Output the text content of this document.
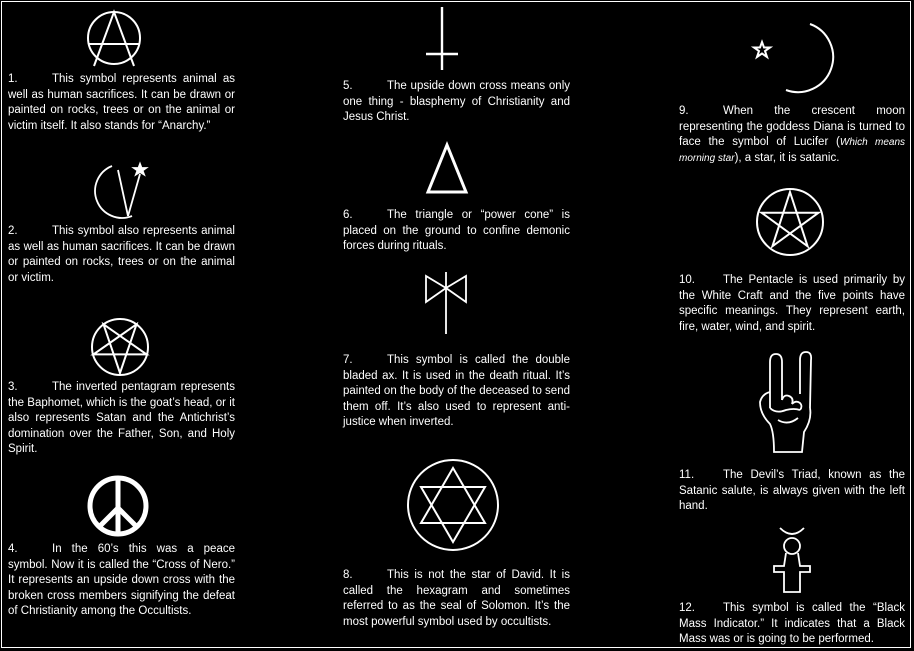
1.	This symbol represents animal as well as human sacrifices. It can be drawn or painted on rocks, trees or on the animal or victim itself. It also stands for “Anarchy.”
2.	This symbol also represents animal as well as human sacrifices. It can be drawn or painted on rocks, trees or on the animal or victim.
3.	The inverted pentagram represents the Baphomet, which is the goat’s head, or it also represents Satan and the Antichrist’s domination over the Father, Son, and Holy Spirit.
4.	In the 60’s this was a peace symbol. Now it is called the “Cross of Nero.” It represents an upside down cross with the broken cross members signifying the defeat of Christianity among the Occultists.
5.	The upside down cross means only one thing - blasphemy of Christianity and Jesus Christ.
6.	The triangle or “power cone” is placed on the ground to confine demonic forces during rituals.
7.	This symbol is called the double bladed ax. It is used in the death ritual. It’s painted on the body of the deceased to send them off. It’s also used to represent anti-justice when inverted.
8.	This is not the star of David. It is called the hexagram and sometimes referred to as the seal of Solomon. It’s the most powerful symbol used by occultists.
9.	When the crescent moon representing the goddess Diana is turned to face the symbol of Lucifer (Which means morning star), a star, it is satanic.
10. The Pentacle is used primarily by the White Craft and the five points have specific meanings. They represent earth, fire, water, wind, and spirit.
11.	The Devil’s Triad, known as the Satanic salute, is always given with the left hand.
12. This symbol is called the “Black Mass Indicator.” It indicates that a Black Mass was or is going to be performed.
